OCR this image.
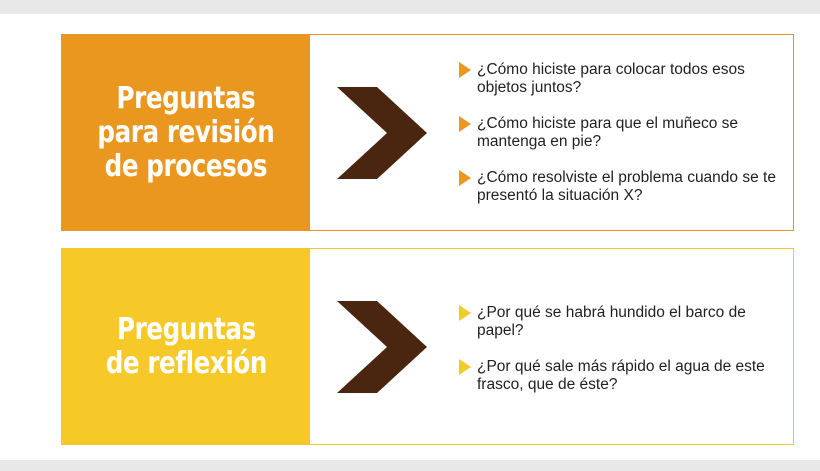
Preguntas
para revisión
de procesos
¿Cómo hiciste para colocar todos esos objetos juntos?
¿Cómo hiciste para que el muñeco se mantenga en pie?
¿Cómo resolviste el problema cuando se te presentó la situación X?
Preguntas
de reflexión
¿Por qué se habrá hundido el barco de papel?
¿Por qué sale más rápido el agua de este frasco, que de éste?
